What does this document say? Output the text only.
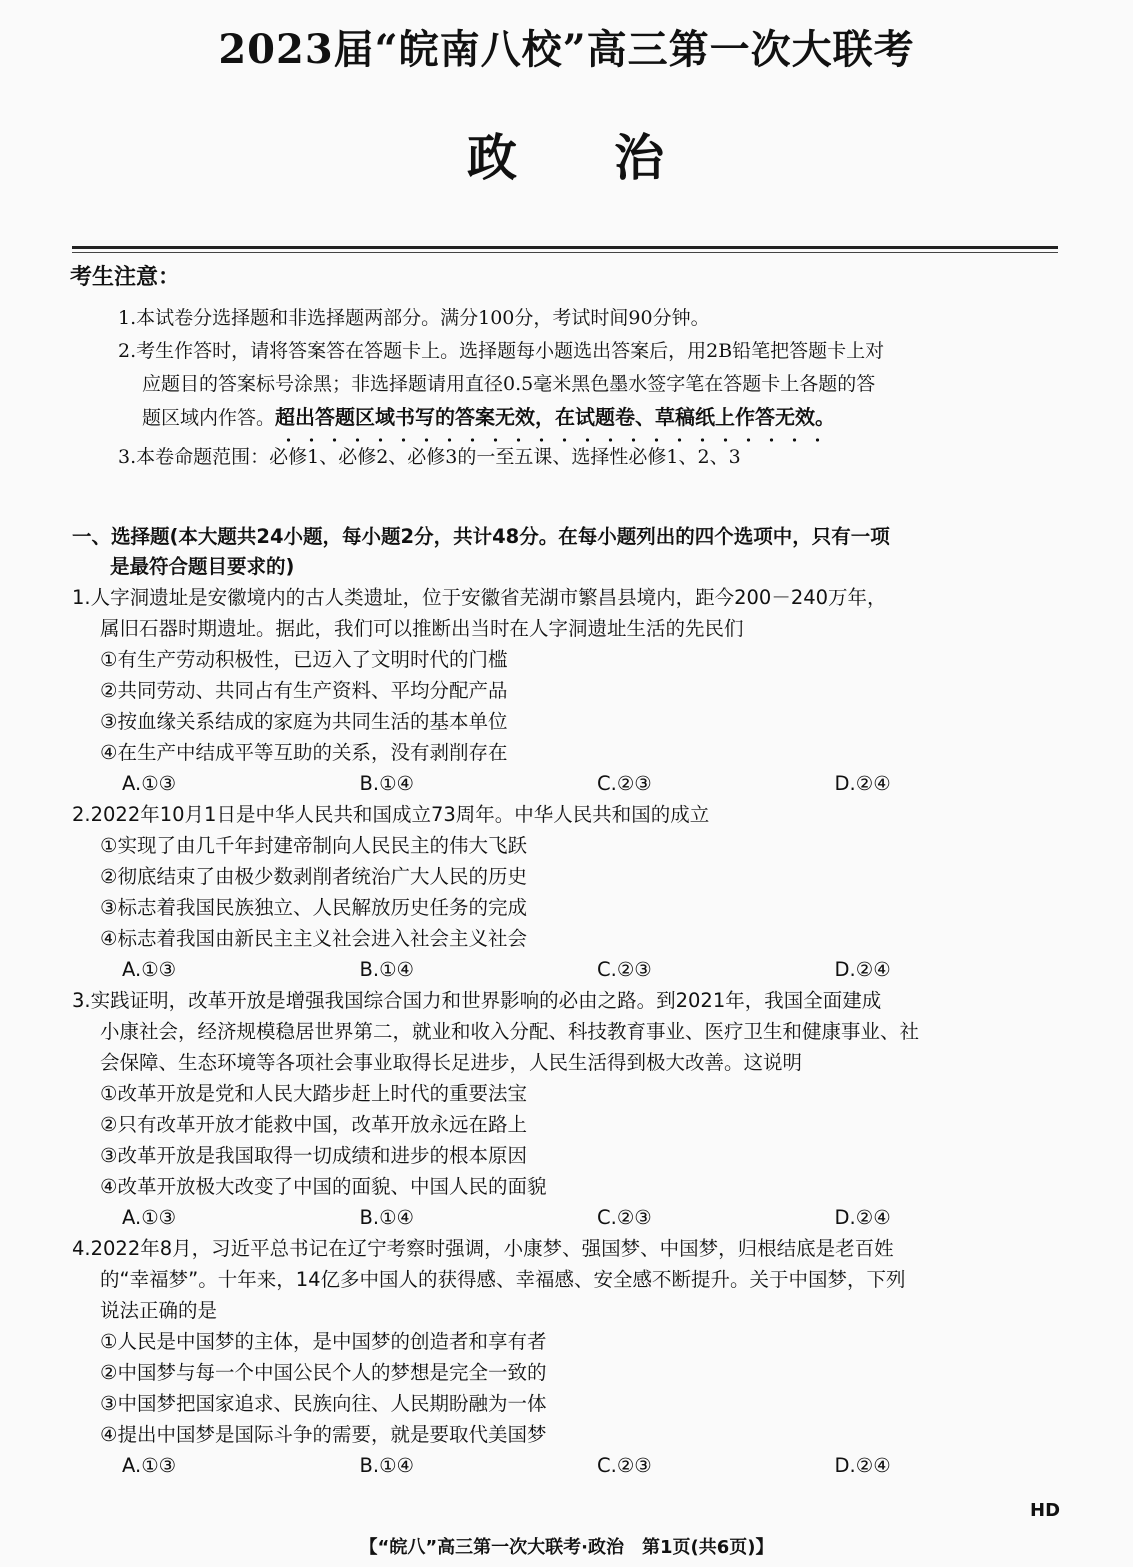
2023届“皖南八校”高三第一次大联考
政 治
考生注意：
1.本试卷分选择题和非选择题两部分。满分100分，考试时间90分钟。
2.考生作答时，请将答案答在答题卡上。选择题每小题选出答案后，用2B铅笔把答题卡上对
应题目的答案标号涂黑；非选择题请用直径0.5毫米黑色墨水签字笔在答题卡上各题的答
题区域内作答。超出答题区域书写的答案无效，在试题卷、草稿纸上作答无效。
3.本卷命题范围：必修1、必修2、必修3的一至五课、选择性必修1、2、3
一、选择题(本大题共24小题，每小题2分，共计48分。在每小题列出的四个选项中，只有一项
是最符合题目要求的)
1.人字洞遗址是安徽境内的古人类遗址，位于安徽省芜湖市繁昌县境内，距今200－240万年，
属旧石器时期遗址。据此，我们可以推断出当时在人字洞遗址生活的先民们
①有生产劳动积极性，已迈入了文明时代的门槛
②共同劳动、共同占有生产资料、平均分配产品
③按血缘关系结成的家庭为共同生活的基本单位
④在生产中结成平等互助的关系，没有剥削存在
A.①③	B.①④	C.②③	D.②④
2.2022年10月1日是中华人民共和国成立73周年。中华人民共和国的成立
①实现了由几千年封建帝制向人民民主的伟大飞跃
②彻底结束了由极少数剥削者统治广大人民的历史
③标志着我国民族独立、人民解放历史任务的完成
④标志着我国由新民主主义社会进入社会主义社会
A.①③	B.①④	C.②③	D.②④
3.实践证明，改革开放是增强我国综合国力和世界影响的必由之路。到2021年，我国全面建成
小康社会，经济规模稳居世界第二，就业和收入分配、科技教育事业、医疗卫生和健康事业、社
会保障、生态环境等各项社会事业取得长足进步，人民生活得到极大改善。这说明
①改革开放是党和人民大踏步赶上时代的重要法宝
②只有改革开放才能救中国，改革开放永远在路上
③改革开放是我国取得一切成绩和进步的根本原因
④改革开放极大改变了中国的面貌、中国人民的面貌
A.①③	B.①④	C.②③	D.②④
4.2022年8月，习近平总书记在辽宁考察时强调，小康梦、强国梦、中国梦，归根结底是老百姓
的“幸福梦”。十年来，14亿多中国人的获得感、幸福感、安全感不断提升。关于中国梦，下列
说法正确的是
①人民是中国梦的主体，是中国梦的创造者和享有者
②中国梦与每一个中国公民个人的梦想是完全一致的
③中国梦把国家追求、民族向往、人民期盼融为一体
④提出中国梦是国际斗争的需要，就是要取代美国梦
A.①③	B.①④	C.②③	D.②④
HD
【“皖八”高三第一次大联考·政治　第1页(共6页)】
